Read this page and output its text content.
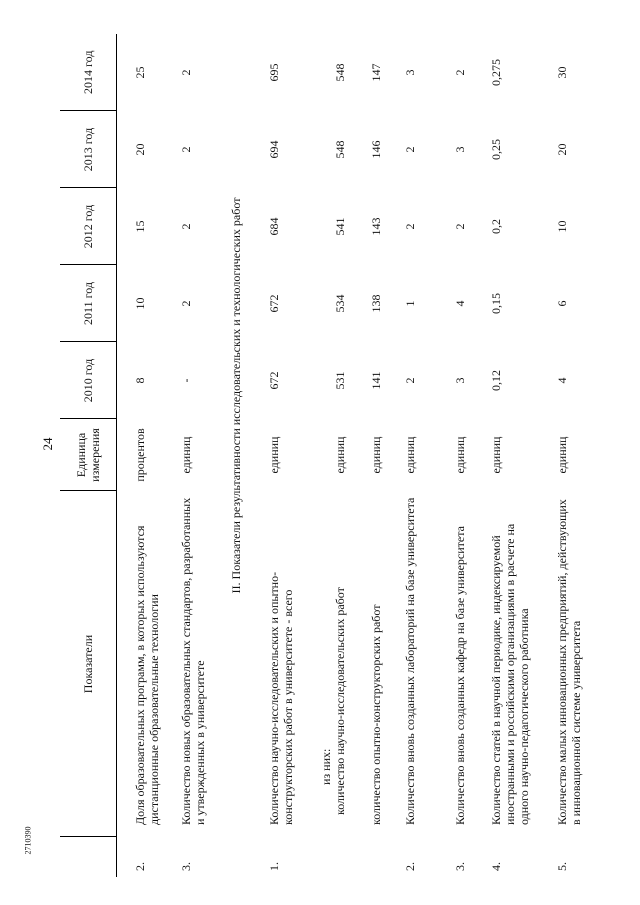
24
2710390
	Показатели	Единица измерения	2010 год	2011 год	2012 год	2013 год	2014 год
2.	Доля образовательных программ, в которых используются дистанционные образовательные технологии	процентов	8	10	15	20	25
3.	Количество новых образовательных стандартов, разработанных и утвержденных в университете	единиц	-	2	2	2	2
II. Показатели результативности исследовательских и технологических работ							
1.	Количество научно-исследовательских и опытно-конструкторских работ в университете - всего	единиц	672	672	684	694	695

	из них: количество научно-исследовательских работ	единиц	531	534	541	548	548
	количество опытно-конструкторских работ	единиц	141	138	143	146	147
2.	Количество вновь созданных лабораторий на базе университета	единиц	2	1	2	2	3
3.	Количество вновь созданных кафедр на базе университета	единиц	3	4	2	3	2
4.	Количество статей в научной периодике, индексируемой иностранными и российскими организациями в расчете на одного научно-педагогического работника	единиц	0,12	0,15	0,2	0,25	0,275
5.	Количество малых инновационных предприятий, действующих в инновационной системе университета	единиц	4	6	10	20	30
